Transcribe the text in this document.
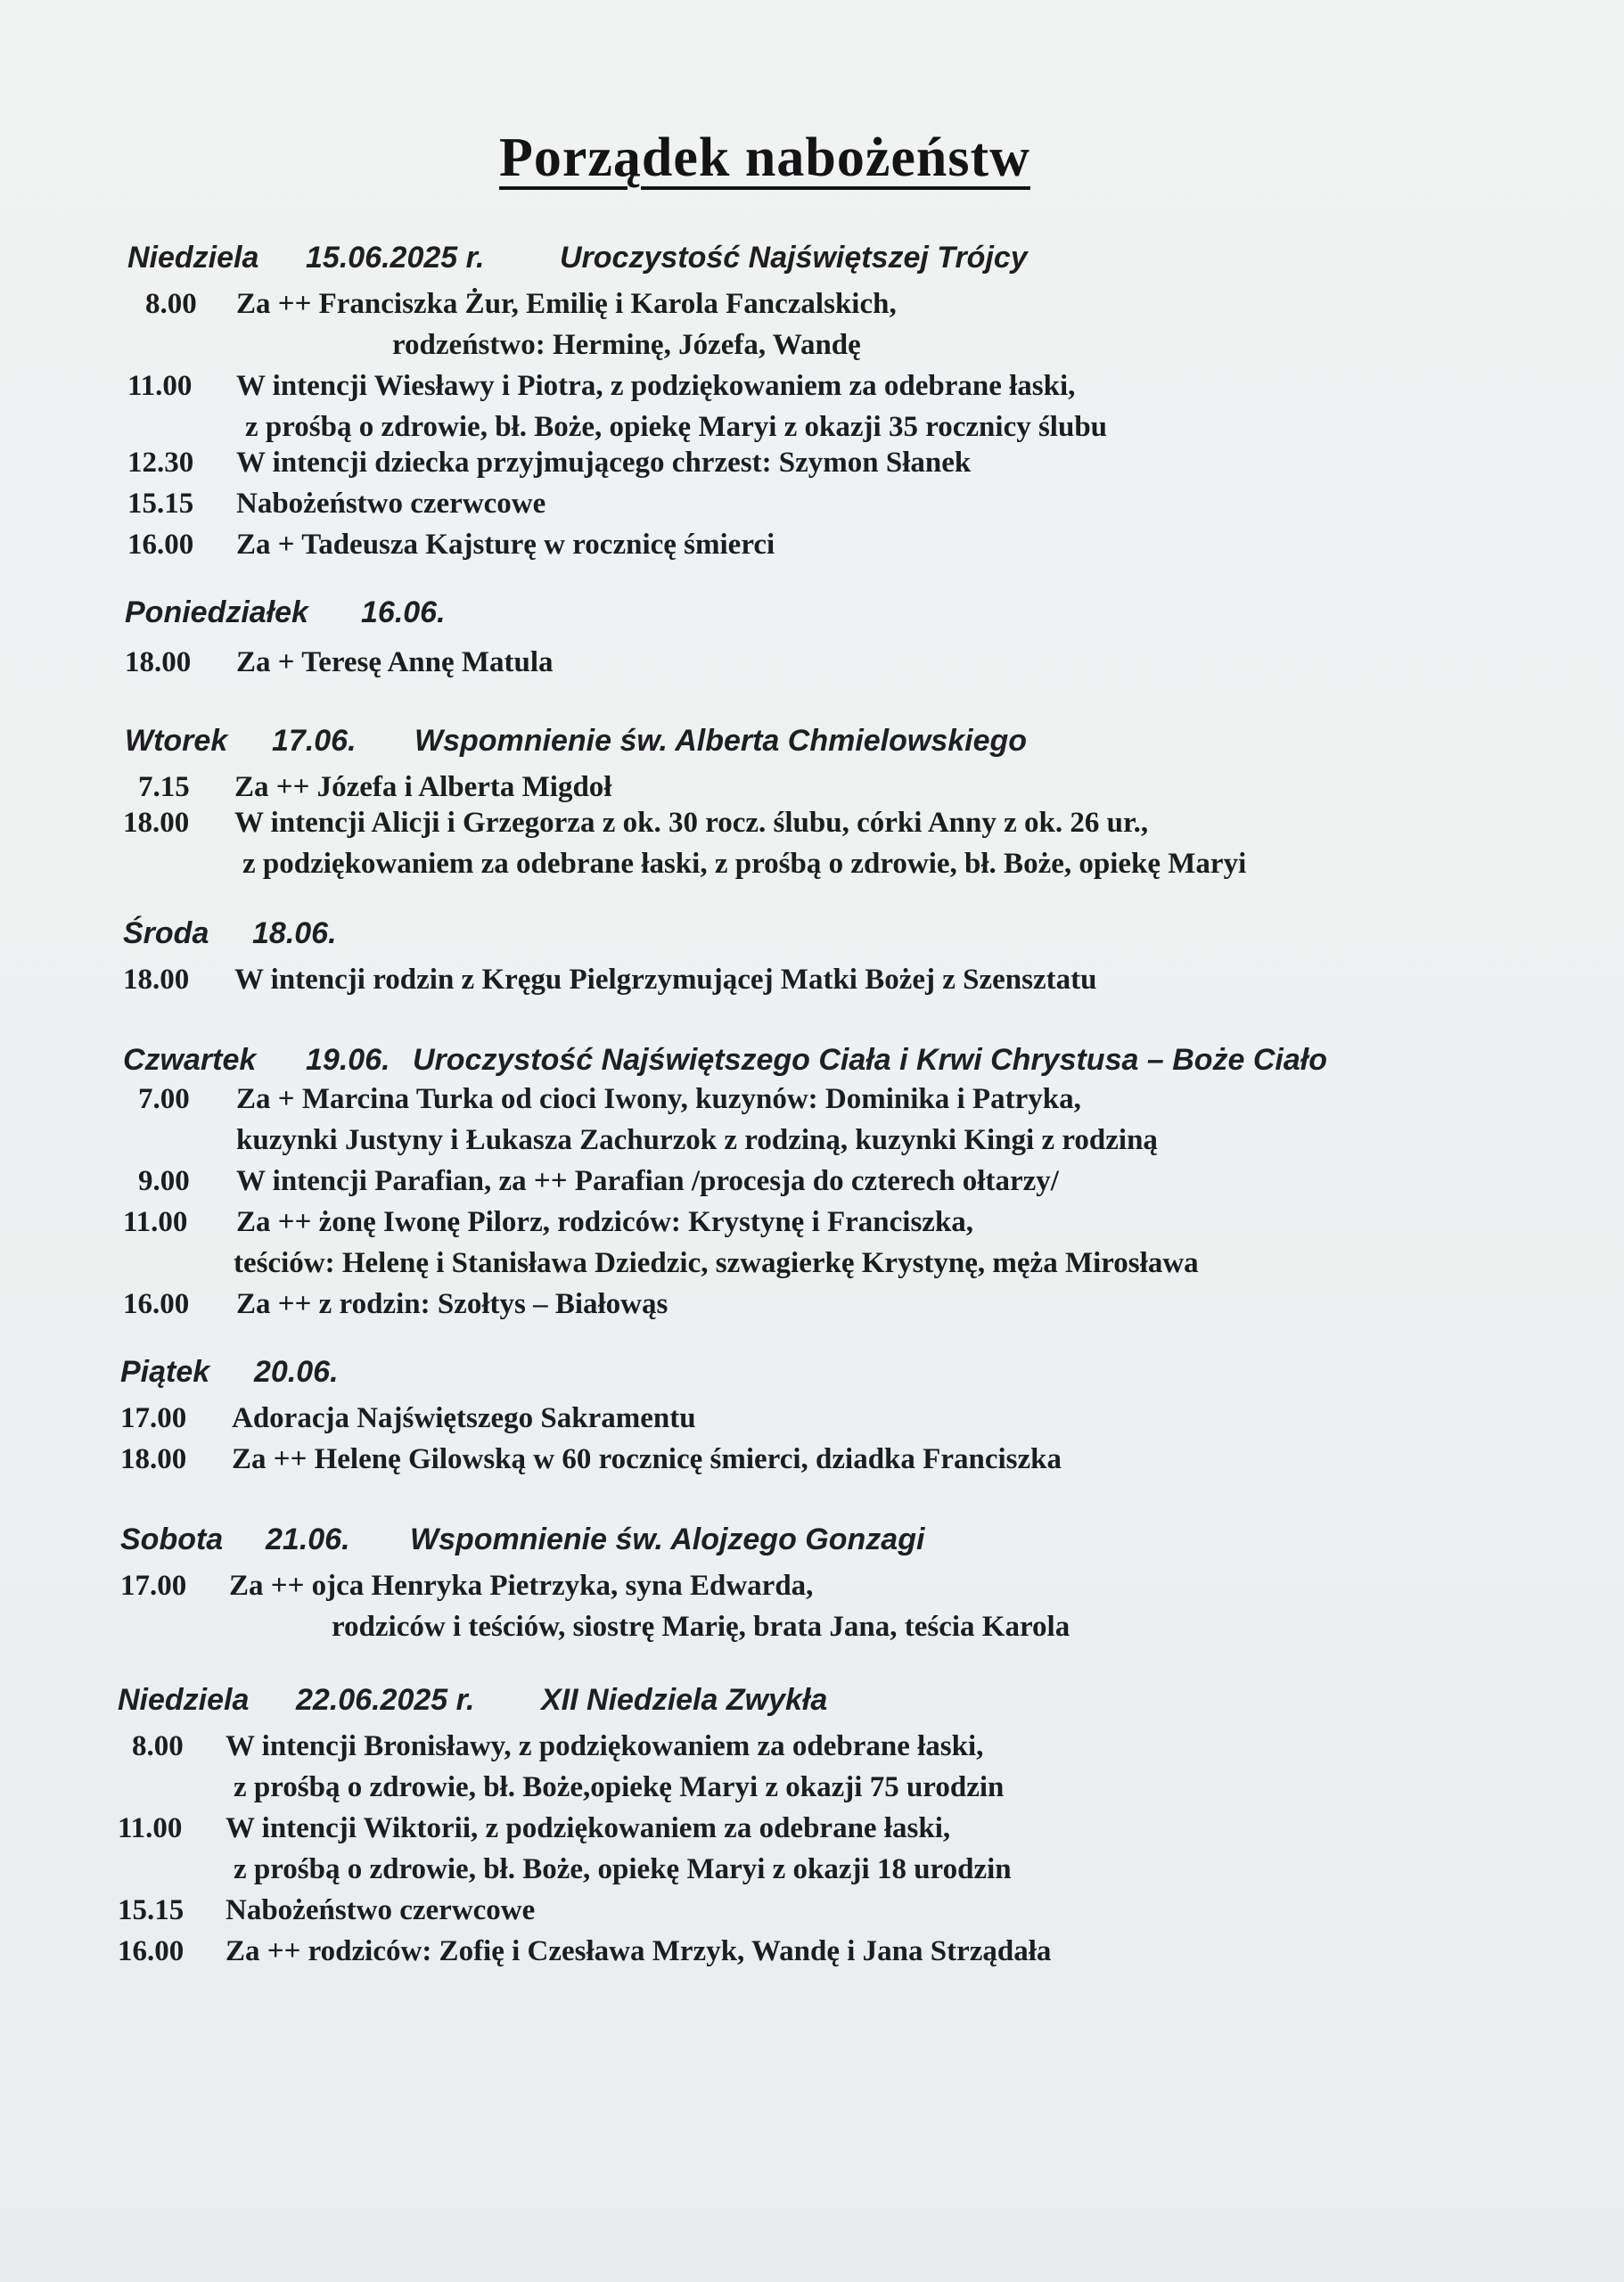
Porządek nabożeństw
Niedziela 15.06.2025 r. Uroczystość Najświętszej Trójcy
8.00 Za ++ Franciszka Żur, Emilię i Karola Fanczalskich,
rodzeństwo: Herminę, Józefa, Wandę
11.00 W intencji Wiesławy i Piotra, z podziękowaniem za odebrane łaski,
z prośbą o zdrowie, bł. Boże, opiekę Maryi z okazji 35 rocznicy ślubu
12.30 W intencji dziecka przyjmującego chrzest: Szymon Słanek
15.15 Nabożeństwo czerwcowe
16.00 Za + Tadeusza Kajsturę w rocznicę śmierci
Poniedziałek 16.06.
18.00 Za + Teresę Annę Matula
Wtorek 17.06. Wspomnienie św. Alberta Chmielowskiego
7.15 Za ++ Józefa i Alberta Migdoł
18.00 W intencji Alicji i Grzegorza z ok. 30 rocz. ślubu, córki Anny z ok. 26 ur.,
z podziękowaniem za odebrane łaski, z prośbą o zdrowie, bł. Boże, opiekę Maryi
Środa 18.06.
18.00 W intencji rodzin z Kręgu Pielgrzymującej Matki Bożej z Szensztatu
Czwartek 19.06. Uroczystość Najświętszego Ciała i Krwi Chrystusa – Boże Ciało
7.00 Za + Marcina Turka od cioci Iwony, kuzynów: Dominika i Patryka,
kuzynki Justyny i Łukasza Zachurzok z rodziną, kuzynki Kingi z rodziną
9.00 W intencji Parafian, za ++ Parafian /procesja do czterech ołtarzy/
11.00 Za ++ żonę Iwonę Pilorz, rodziców: Krystynę i Franciszka,
teściów: Helenę i Stanisława Dziedzic, szwagierkę Krystynę, męża Mirosława
16.00 Za ++ z rodzin: Szołtys – Białowąs
Piątek 20.06.
17.00 Adoracja Najświętszego Sakramentu
18.00 Za ++ Helenę Gilowską w 60 rocznicę śmierci, dziadka Franciszka
Sobota 21.06. Wspomnienie św. Alojzego Gonzagi
17.00 Za ++ ojca Henryka Pietrzyka, syna Edwarda,
rodziców i teściów, siostrę Marię, brata Jana, teścia Karola
Niedziela 22.06.2025 r. XII Niedziela Zwykła
8.00 W intencji Bronisławy, z podziękowaniem za odebrane łaski,
z prośbą o zdrowie, bł. Boże,opiekę Maryi z okazji 75 urodzin
11.00 W intencji Wiktorii, z podziękowaniem za odebrane łaski,
z prośbą o zdrowie, bł. Boże, opiekę Maryi z okazji 18 urodzin
15.15 Nabożeństwo czerwcowe
16.00 Za ++ rodziców: Zofię i Czesława Mrzyk, Wandę i Jana Strządała
